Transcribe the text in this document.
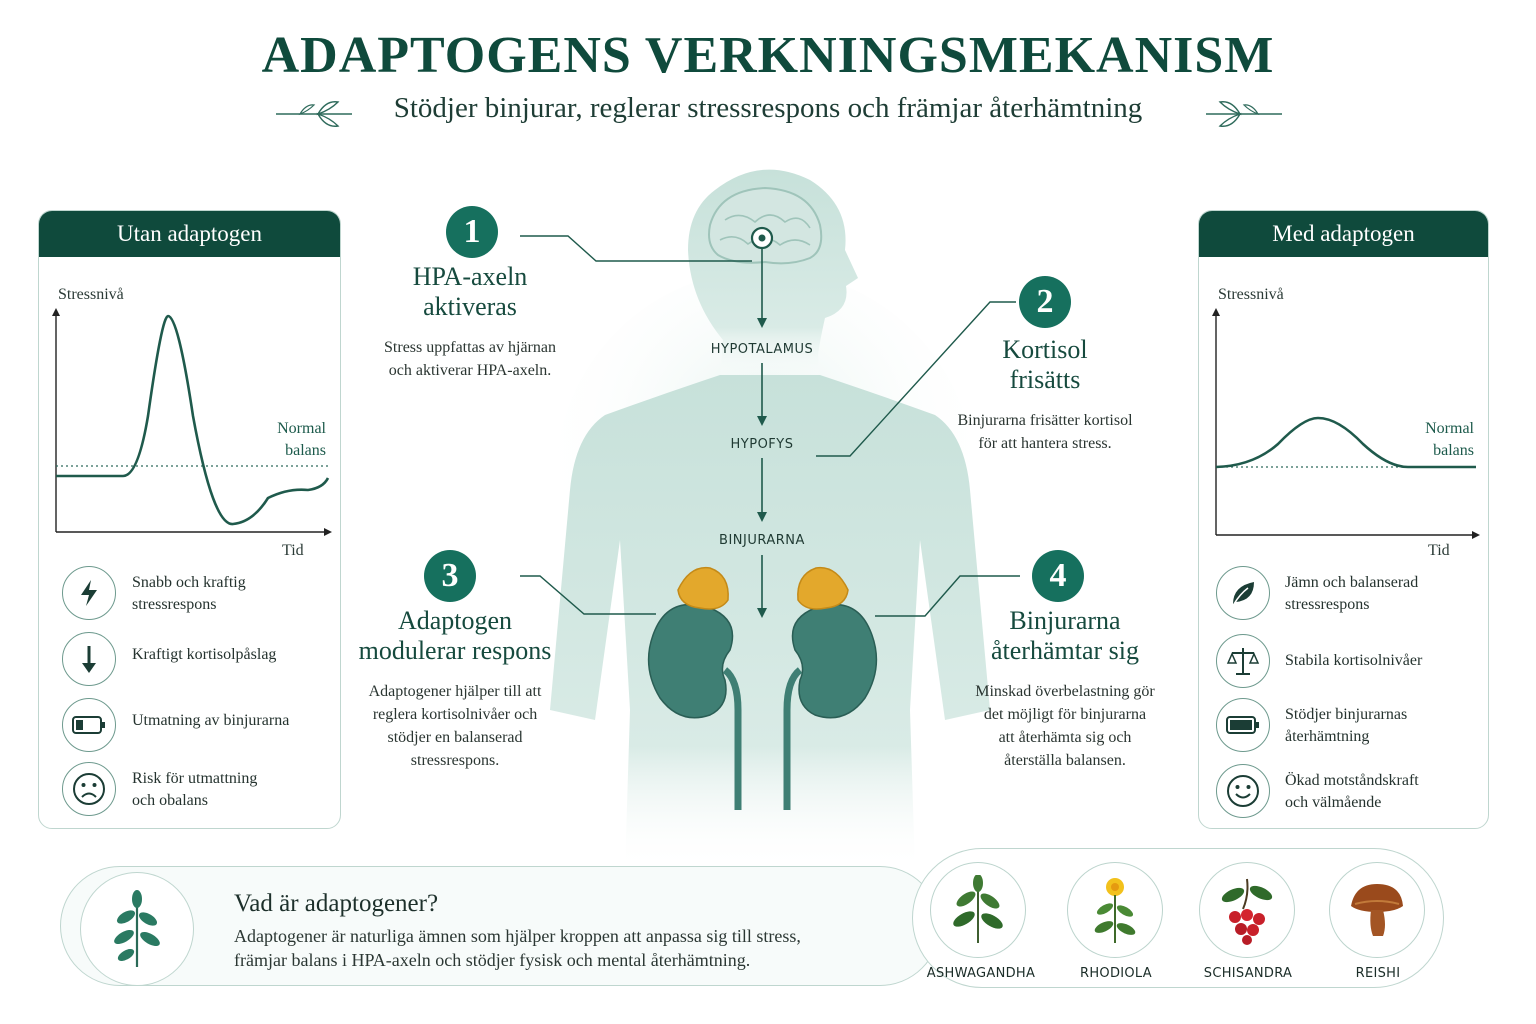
ADAPTOGENS VERKNINGSMEKANISM
Stödjer binjurar, reglerar stressrespons och främjar återhämtning
HYPOTALAMUS
HYPOFYS
BINJURARNA
1
HPA-axeln
aktiveras
Stress uppfattas av hjärnan
och aktiverar HPA-axeln.
2
Kortisol
frisätts
Binjurarna frisätter kortisol
för att hantera stress.
3
Adaptogen
modulerar respons
Adaptogener hjälper till att
reglera kortisolnivåer och
stödjer en balanserad
stressrespons.
4
Binjurarna
återhämtar sig
Minskad överbelastning gör
det möjligt för binjurarna
att återhämta sig och
återställa balansen.
Utan adaptogen
Stressnivå
Tid
Normal
balans
Snabb och kraftig
stressrespons
Kraftigt kortisolpåslag
Utmatning av binjurarna
Risk för utmattning
och obalans
Med adaptogen
Stressnivå
Tid
Normal
balans
Jämn och balanserad
stressrespons
Stabila kortisolnivåer
Stödjer binjurarnas
återhämtning
Ökad motståndskraft
och välmående
Vad är adaptogener?
Adaptogener är naturliga ämnen som hjälper kroppen att anpassa sig till stress,
främjar balans i HPA-axeln och stödjer fysisk och mental återhämtning.
ASHWAGANDHA	RHODIOLA	SCHISANDRA	REISHI
